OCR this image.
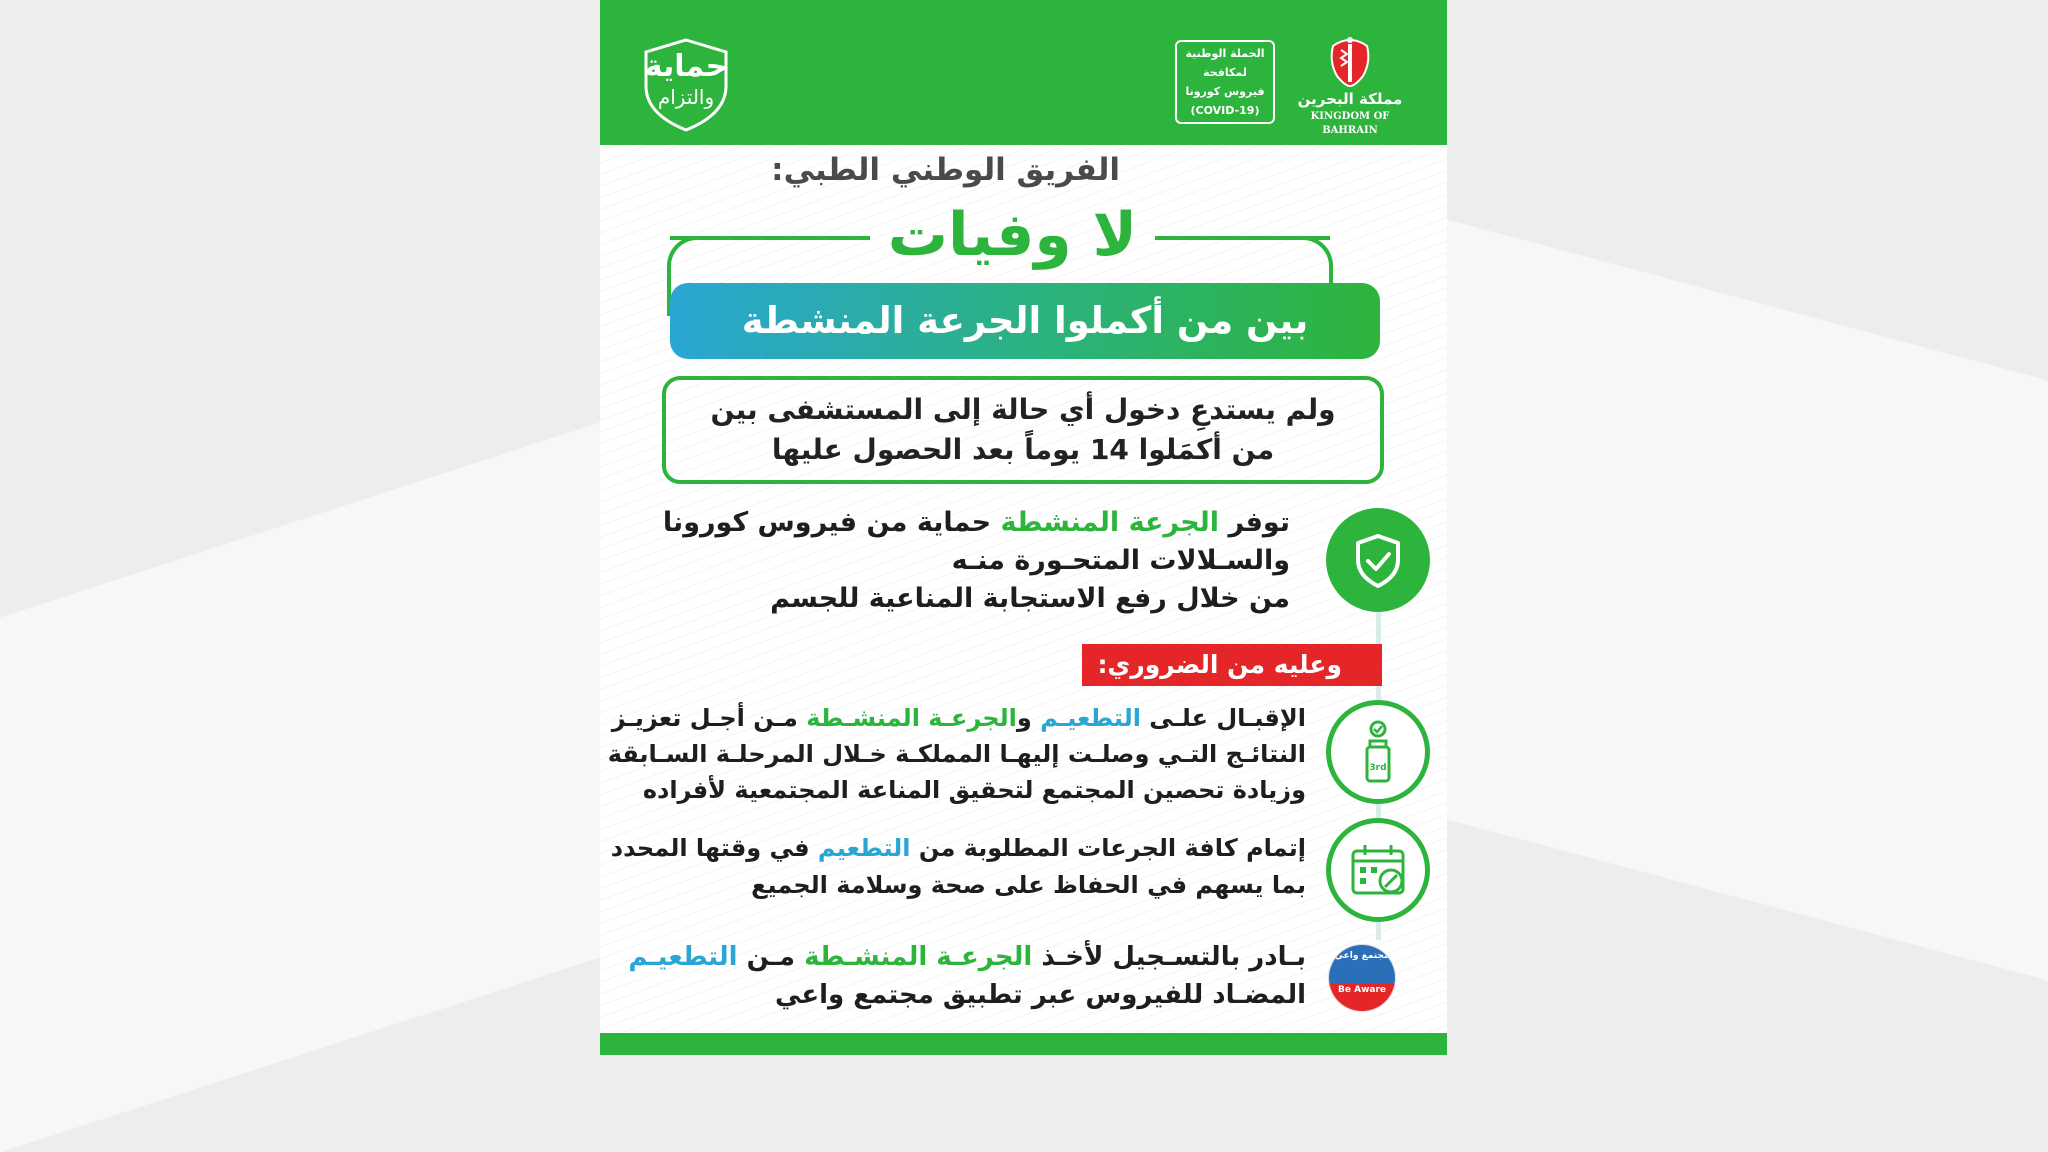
حماية
والتزام
الحملة الوطنية
لمكافحة
فيروس كورونا
(COVID-19)
مملكة البحرين
KINGDOM OF BAHRAIN
الفريق الوطني الطبي:
لا وفيات
بين من أكملوا الجرعة المنشطة
ولم يستدعِ دخول أي حالة إلى المستشفى بين
من أكمَلوا 14 يوماً بعد الحصول عليها
توفر الجرعة المنشطة حماية من فيروس كورونا
والسـلالات المتحـورة منـه
من خلال رفع الاستجابة المناعية للجسم
وعليه من الضروري:
3rd
الإقبـال علـى التطعيـم والجرعـة المنشـطة مـن أجـل تعزيـز
النتائـج التـي وصلـت إليهـا المملكـة خـلال المرحلـة السـابقة
وزيادة تحصين المجتمع لتحقيق المناعة المجتمعية لأفراده
إتمام كافة الجرعات المطلوبة من التطعيم في وقتها المحدد
بما يسهم في الحفاظ على صحة وسلامة الجميع
مجتمع واعي
Be Aware
بـادر بالتسـجيل لأخـذ الجرعـة المنشـطة مـن التطعيـم
المضـاد للفيروس عبر تطبيق مجتمع واعي
